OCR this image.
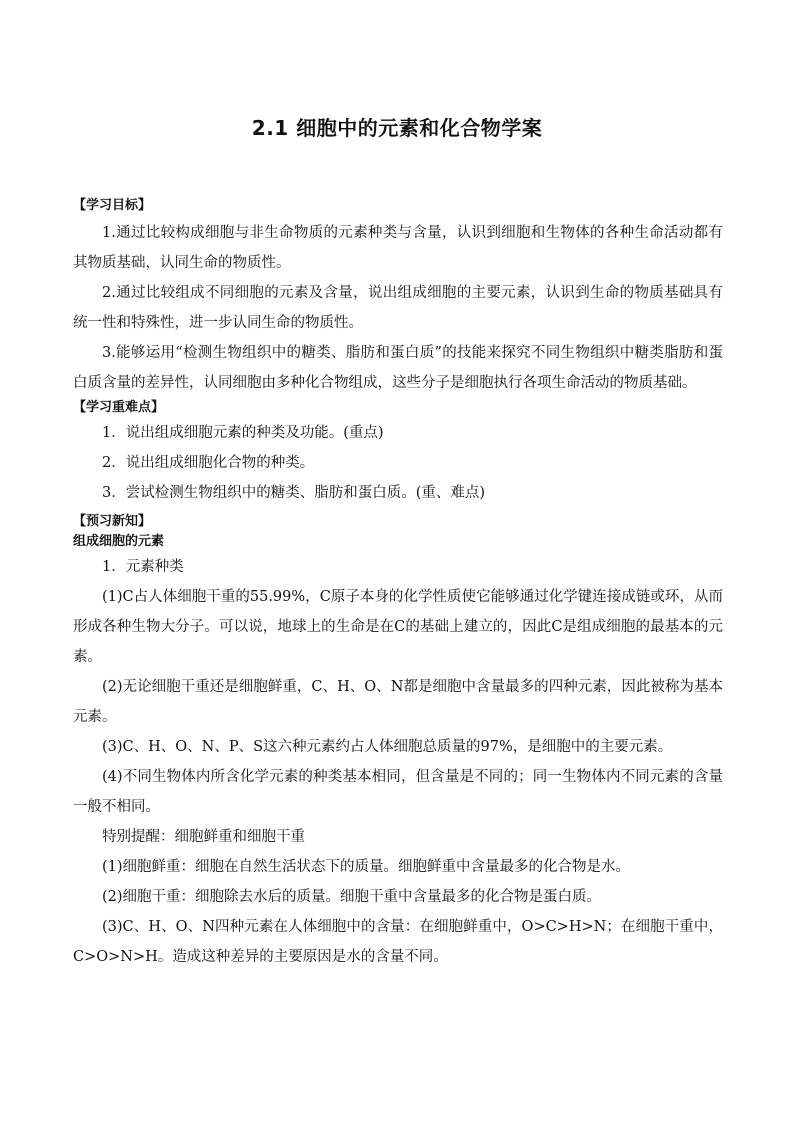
2.1 细胞中的元素和化合物学案
【学习目标】

1.通过比较构成细胞与非生命物质的元素种类与含量，认识到细胞和生物体的各种生命活动都有其物质基础，认同生命的物质性。

2.通过比较组成不同细胞的元素及含量，说出组成细胞的主要元素，认识到生命的物质基础具有统一性和特殊性，进一步认同生命的物质性。

3.能够运用“检测生物组织中的糖类、脂肪和蛋白质”的技能来探究不同生物组织中糖类脂肪和蛋白质含量的差异性，认同细胞由多种化合物组成，这些分子是细胞执行各项生命活动的物质基础。

【学习重难点】

1．说出组成细胞元素的种类及功能。(重点)

2．说出组成细胞化合物的种类。

3．尝试检测生物组织中的糖类、脂肪和蛋白质。(重、难点)

【预习新知】
组成细胞的元素

1．元素种类

(1)C占人体细胞干重的55.99%，C原子本身的化学性质使它能够通过化学键连接成链或环，从而形成各种生物大分子。可以说，地球上的生命是在C的基础上建立的，因此C是组成细胞的最基本的元素。

(2)无论细胞干重还是细胞鲜重，C、H、O、N都是细胞中含量最多的四种元素，因此被称为基本元素。

(3)C、H、O、N、P、S这六种元素约占人体细胞总质量的97%，是细胞中的主要元素。

(4)不同生物体内所含化学元素的种类基本相同，但含量是不同的；同一生物体内不同元素的含量一般不相同。

特别提醒：细胞鲜重和细胞干重

(1)细胞鲜重：细胞在自然生活状态下的质量。细胞鲜重中含量最多的化合物是水。

(2)细胞干重：细胞除去水后的质量。细胞干重中含量最多的化合物是蛋白质。

(3)C、H、O、N四种元素在人体细胞中的含量：在细胞鲜重中，O>C>H>N；在细胞干重中，C>O>N>H。造成这种差异的主要原因是水的含量不同。
